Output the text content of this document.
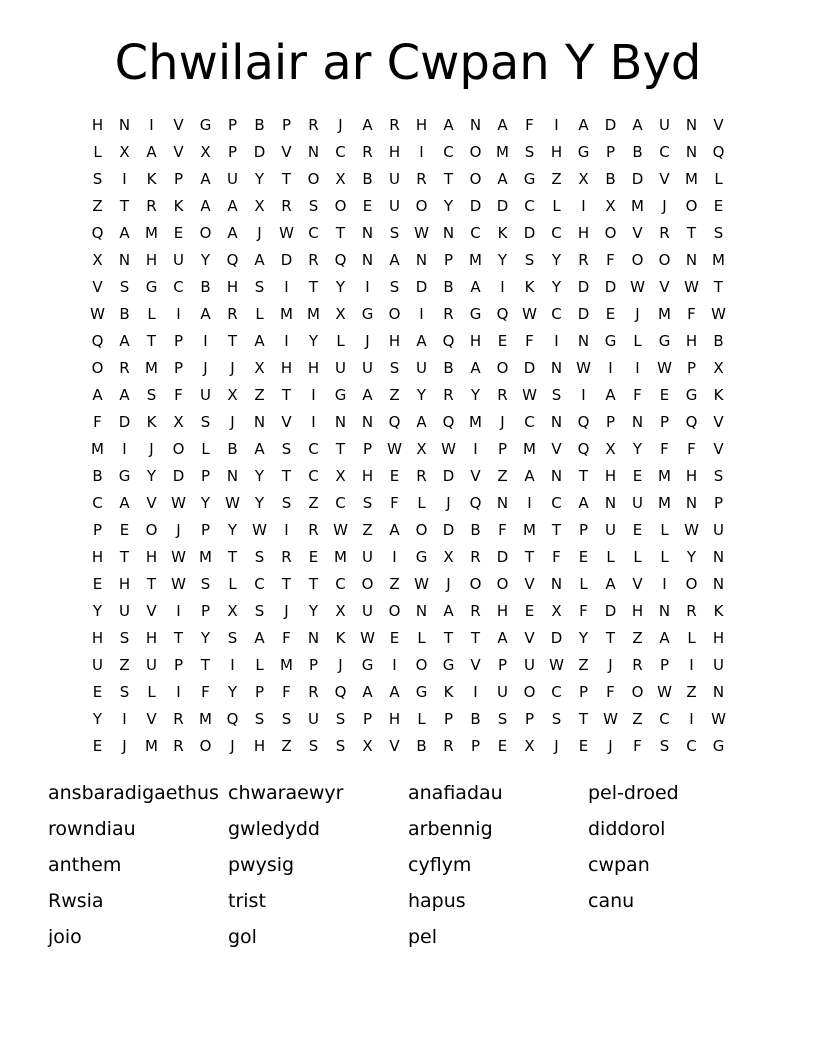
Chwilair ar Cwpan Y Byd
H	N	I	V	G	P	B	P	R	J	A	R	H	A	N	A	F	I	A	D	A	U	N	V
L	X	A	V	X	P	D	V	N	C	R	H	I	C	O M	S	H	G	P	B	C	N	Q
S	I	K	P	A	U	Y	T	O	X	B	U	R	T	O	A	G	Z	X	B	D	V	M	L
Z	T	R	K	A	A	X	R	S	O	E	U	O	Y	D	D	C	L	I	X	M	J	O	E
Q	A	M	E	O	A	J	W C	T	N	S W N	C	K	D	C	H	O	V	R	T	S
X	N	H	U	Y	Q	A	D	R	Q	N	A	N	P	M	Y	S	Y	R	F	O	O	N M
V	S	G	C	B	H	S	I	T	Y	I	S	D	B	A	I	K	Y	D	D W V W T
W B	L	I	A	R	L	M M	X	G	O	I	R	G	Q W C	D	E	J	M	F	W
Q	A	T	P	I	T	A	I	Y	L	J	H	A	Q	H	E	F	I	N	G	L	G	H	B
O	R	M	P	J	J	X	H	H	U	U	S	U	B	A	O	D	N W	I	I	W	P	X
A	A	S	F	U	X	Z	T	I	G	A	Z	Y	R	Y	R W S	I	A	F	E	G	K
F	D	K	X	S	J	N	V	I	N	N	Q	A	Q M	J	C	N	Q	P	N	P	Q	V
M	I	J	O	L	B	A	S	C	T	P	W X W	I	P	M	V	Q	X	Y	F	F	V
B	G	Y	D	P	N	Y	T	C	X	H	E	R	D	V	Z	A	N	T	H	E	M H	S
C	A	V W Y	W Y	S	Z	C	S	F	L	J	Q	N	I	C	A	N	U	M N	P
P	E	O	J	P	Y	W	I	R W Z	A	O	D	B	F	M	T	P	U	E	L	W U
H	T	H W M	T	S	R	E	M	U	I	G	X	R	D	T	F	E	L	L	L	Y	N
E	H	T	W S	L	C	T	T	C	O	Z W	J	O	O	V	N	L	A	V	I	O	N
Y	U	V	I	P	X	S	J	Y	X	U	O	N	A	R	H	E	X	F	D	H	N	R	K
H	S	H	T	Y	S	A	F	N	K W E	L	T	T	A	V	D	Y	T	Z	A	L	H
U	Z	U	P	T	I	L	M	P	J	G	I	O	G	V	P	U W Z	J	R	P	I	U
E	S	L	I	F	Y	P	F	R	Q	A	A	G	K	I	U	O	C	P	F	O W Z	N
Y	I	V	R	M Q	S	S	U	S	P	H	L	P	B	S	P	S	T	W Z	C	I	W
E	J	M	R	O	J	H	Z	S	S	X	V	B	R	P	E	X	J	E	J	F	S	C	G
ansbaradigaethus chwaraewyr	anafiadau	pel-droed
rowndiau	gwledydd	arbennig	diddorol
anthem	pwysig	cyflym	cwpan
Rwsia	trist	hapus	canu
joio	gol	pel
